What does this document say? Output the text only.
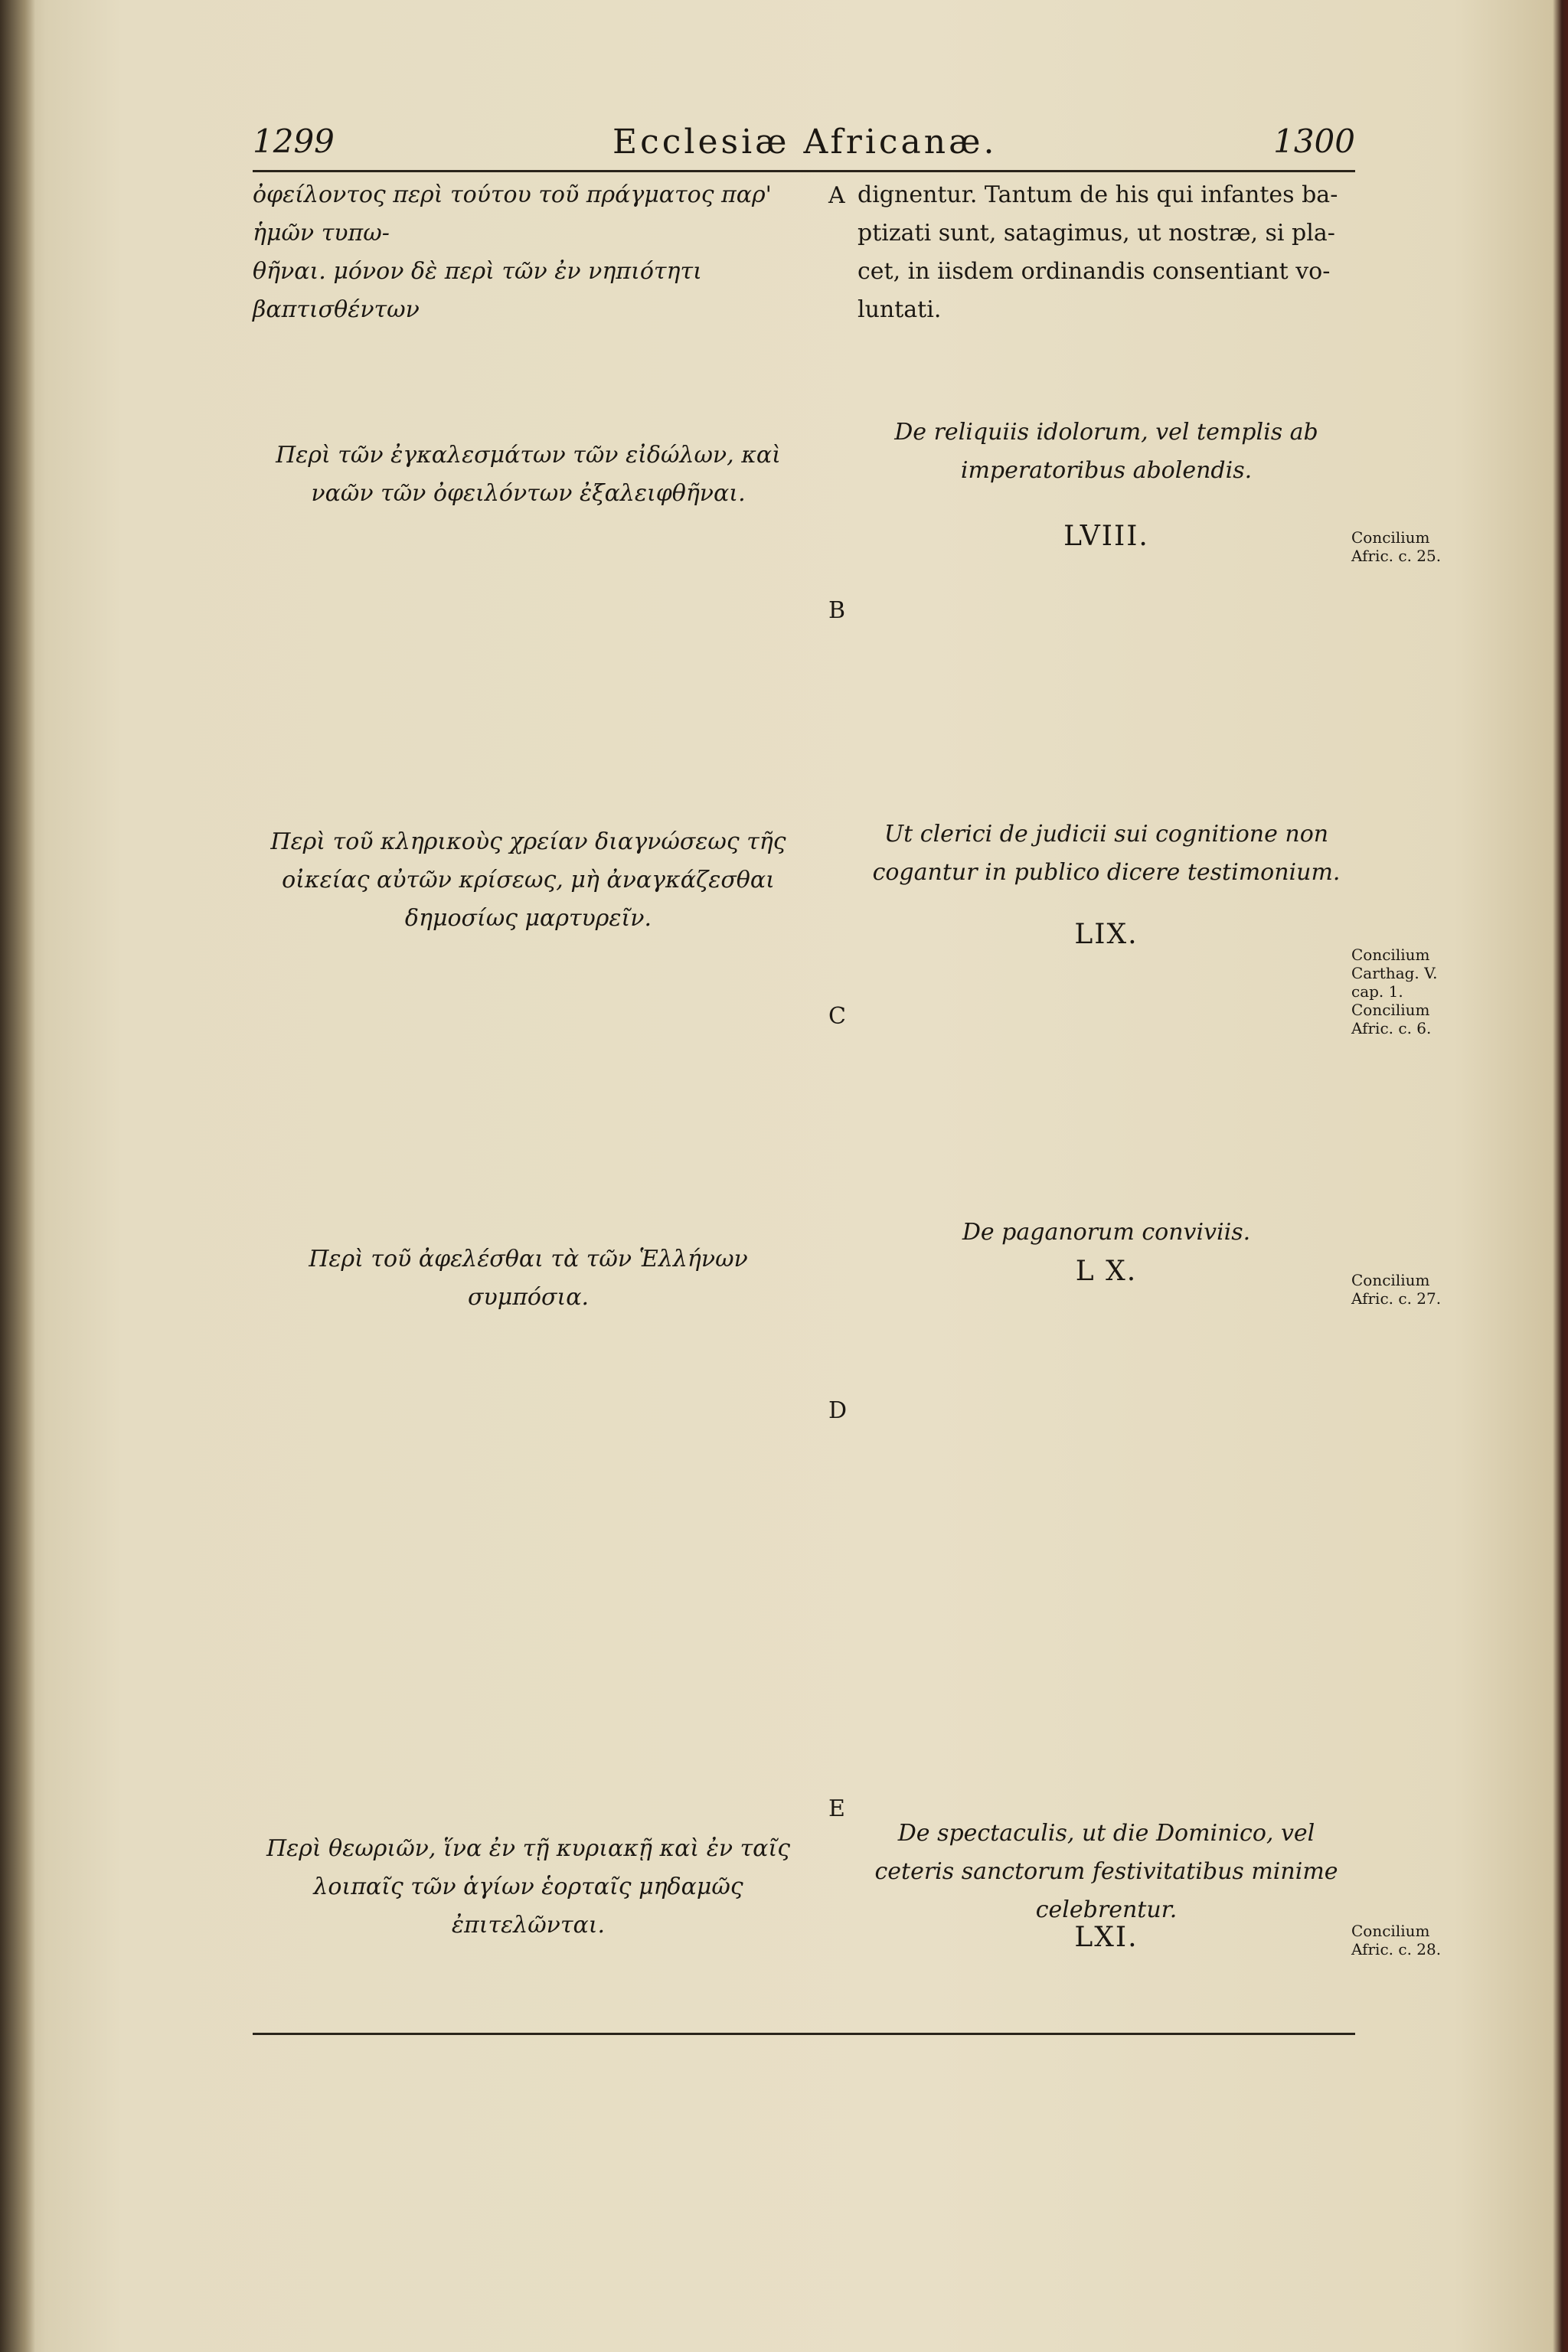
1299	Ecclesiæ Africanæ.	1300

ὀφείλοντος περὶ τούτου τοῦ πράγματος παρ' ἡμῶν τυπω-

θῆναι. μόνον δὲ περὶ τῶν ἐν νηπιότητι βαπτισθέντων

Περὶ τῶν ἐγκαλεσμάτων τῶν εἰδώλων, καὶ ναῶν τῶν ὀφειλόντων ἐξαλειφθῆναι.

Περὶ τοῦ κληρικοὺς χρείαν διαγνώσεως τῆς οἰκείας αὐτῶν κρίσεως, μὴ ἀναγκάζεσθαι δημοσίως μαρτυρεῖν.

Περὶ τοῦ ἀφελέσθαι τὰ τῶν Ἑλλήνων συμπόσια.

Περὶ θεωριῶν, ἵνα ἐν τῇ κυριακῇ καὶ ἐν ταῖς λοιπαῖς τῶν ἁγίων ἑορταῖς μηδαμῶς ἐπιτελῶνται.

dignentur. Tantum de his qui infantes ba-

ptizati sunt, satagimus, ut nostræ, si pla-

cet, in iisdem ordinandis consentiant vo-

luntati.

De reliquiis idolorum, vel templis ab imperatoribus abolendis.

LVIII.

Ut clerici de judicii sui cognitione non cogantur in publico dicere testimonium.

LIX.

De paganorum conviviis.

L X.

De spectaculis, ut die Dominico, vel ceteris sanctorum festivitatibus minime celebrentur.

LXI.

A
B
C
D
E

Concilium Afric. c. 25.

Concilium Carthag. V. cap. 1. Concilium Afric. c. 6.

Concilium Afric. c. 27.

Concilium Afric. c. 28.
